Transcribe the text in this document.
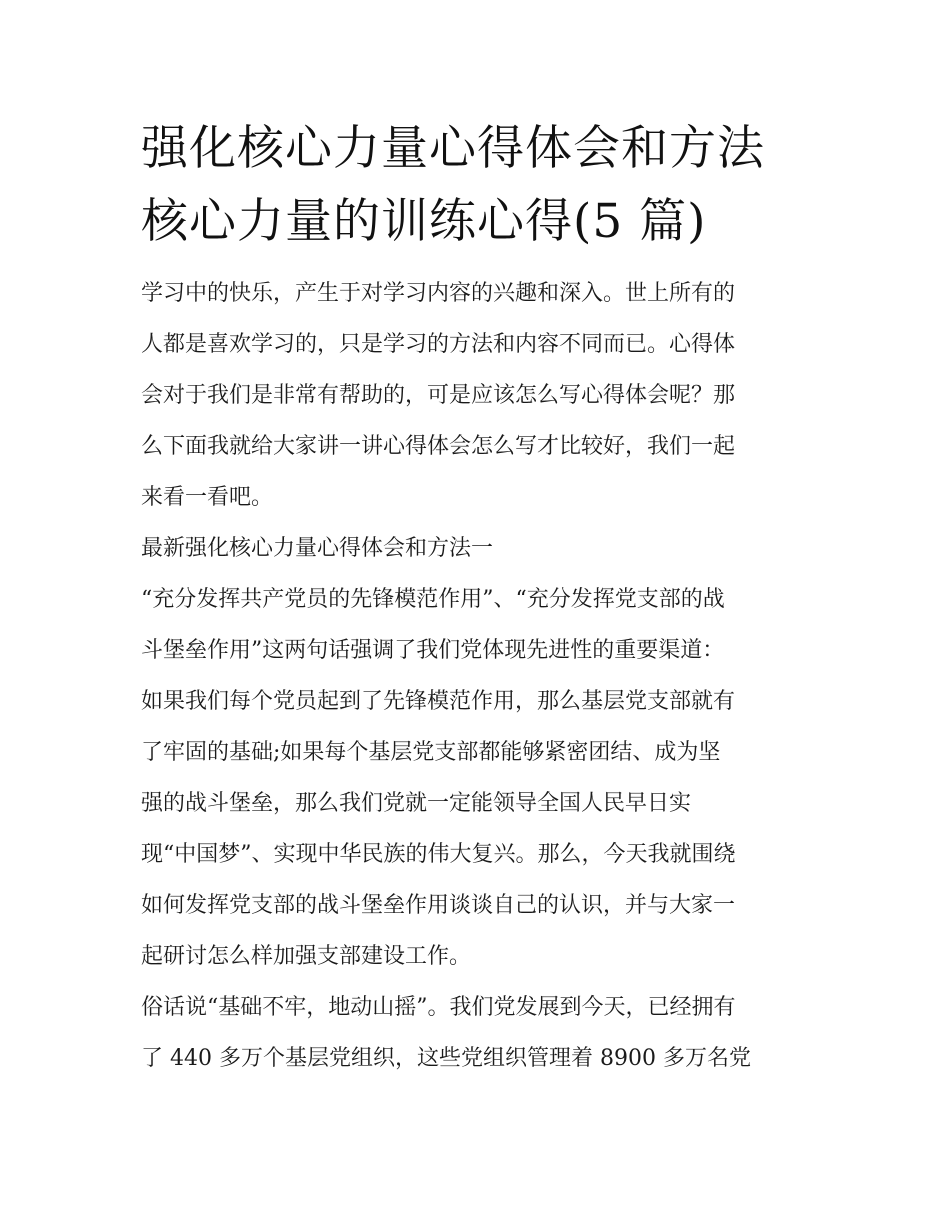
强化核心力量心得体会和方法
核心力量的训练心得(5 篇)

学习中的快乐，产生于对学习内容的兴趣和深入。世上所有的
人都是喜欢学习的，只是学习的方法和内容不同而已。心得体
会对于我们是非常有帮助的，可是应该怎么写心得体会呢？那
么下面我就给大家讲一讲心得体会怎么写才比较好，我们一起
来看一看吧。

最新强化核心力量心得体会和方法一

“充分发挥共产党员的先锋模范作用”、“充分发挥党支部的战
斗堡垒作用”这两句话强调了我们党体现先进性的重要渠道：
如果我们每个党员起到了先锋模范作用，那么基层党支部就有
了牢固的基础;如果每个基层党支部都能够紧密团结、成为坚
强的战斗堡垒，那么我们党就一定能领导全国人民早日实
现“中国梦”、实现中华民族的伟大复兴。那么，今天我就围绕
如何发挥党支部的战斗堡垒作用谈谈自己的认识，并与大家一
起研讨怎么样加强支部建设工作。

俗话说“基础不牢，地动山摇”。我们党发展到今天，已经拥有
了 440 多万个基层党组织，这些党组织管理着 8900 多万名党
